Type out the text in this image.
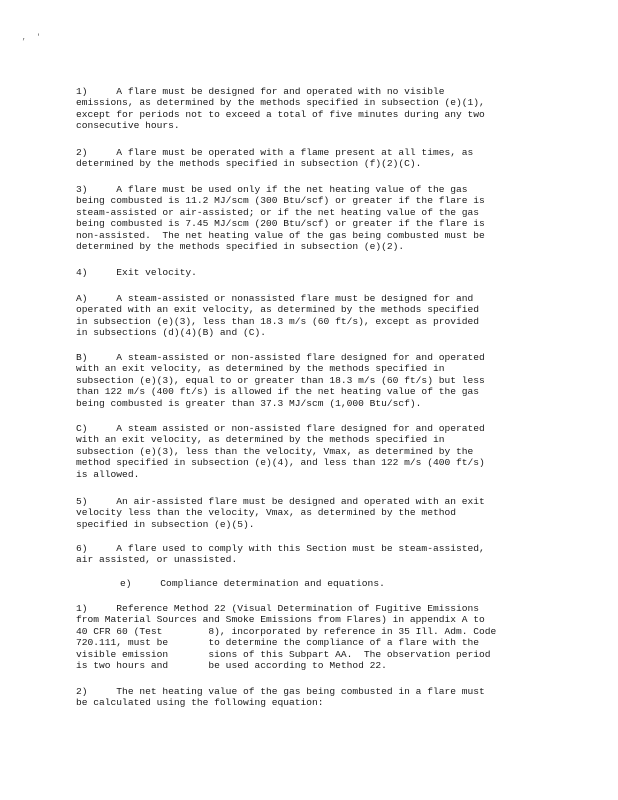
, '

1)     A flare must be designed for and operated with no visible
emissions, as determined by the methods specified in subsection (e)(1),
except for periods not to exceed a total of five minutes during any two
consecutive hours.

2)     A flare must be operated with a flame present at all times, as
determined by the methods specified in subsection (f)(2)(C).

3)     A flare must be used only if the net heating value of the gas
being combusted is 11.2 MJ/scm (300 Btu/scf) or greater if the flare is
steam-assisted or air-assisted; or if the net heating value of the gas
being combusted is 7.45 MJ/scm (200 Btu/scf) or greater if the flare is
non-assisted.  The net heating value of the gas being combusted must be
determined by the methods specified in subsection (e)(2).

4)     Exit velocity.

A)     A steam-assisted or nonassisted flare must be designed for and
operated with an exit velocity, as determined by the methods specified
in subsection (e)(3), less than 18.3 m/s (60 ft/s), except as provided
in subsections (d)(4)(B) and (C).

B)     A steam-assisted or non-assisted flare designed for and operated
with an exit velocity, as determined by the methods specified in
subsection (e)(3), equal to or greater than 18.3 m/s (60 ft/s) but less
than 122 m/s (400 ft/s) is allowed if the net heating value of the gas
being combusted is greater than 37.3 MJ/scm (1,000 Btu/scf).

C)     A steam assisted or non-assisted flare designed for and operated
with an exit velocity, as determined by the methods specified in
subsection (e)(3), less than the velocity, Vmax, as determined by the
method specified in subsection (e)(4), and less than 122 m/s (400 ft/s)
is allowed.

5)     An air-assisted flare must be designed and operated with an exit
velocity less than the velocity, Vmax, as determined by the method
specified in subsection (e)(5).

6)     A flare used to comply with this Section must be steam-assisted,
air assisted, or unassisted.

e)     Compliance determination and equations.

1)     Reference Method 22 (Visual Determination of Fugitive Emissions
from Material Sources and Smoke Emissions from Flares) in appendix A to
40 CFR 60 (Test        8), incorporated by reference in 35 Ill. Adm. Code
720.111, must be       to determine the compliance of a flare with the
visible emission       sions of this Subpart AA.  The observation period
is two hours and       be used according to Method 22.

2)     The net heating value of the gas being combusted in a flare must
be calculated using the following equation:
